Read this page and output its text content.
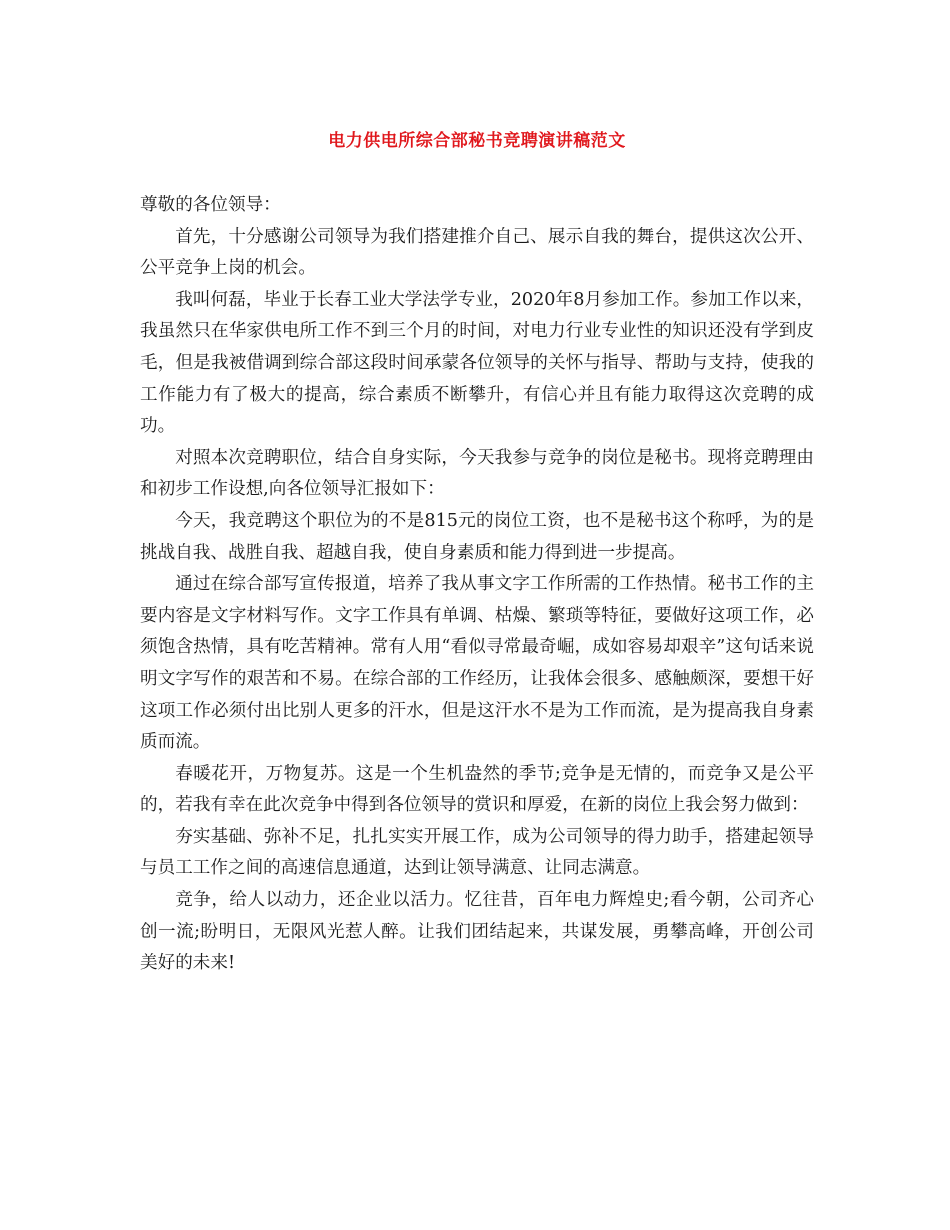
电力供电所综合部秘书竞聘演讲稿范文

尊敬的各位领导：

首先，十分感谢公司领导为我们搭建推介自己、展示自我的舞台，提供这次公开、公平竞争上岗的机会。

我叫何磊，毕业于长春工业大学法学专业，2020年8月参加工作。参加工作以来，我虽然只在华家供电所工作不到三个月的时间，对电力行业专业性的知识还没有学到皮毛，但是我被借调到综合部这段时间承蒙各位领导的关怀与指导、帮助与支持，使我的工作能力有了极大的提高，综合素质不断攀升，有信心并且有能力取得这次竞聘的成功。

对照本次竞聘职位，结合自身实际，今天我参与竞争的岗位是秘书。现将竞聘理由和初步工作设想,向各位领导汇报如下：

今天，我竞聘这个职位为的不是815元的岗位工资，也不是秘书这个称呼，为的是挑战自我、战胜自我、超越自我，使自身素质和能力得到进一步提高。

通过在综合部写宣传报道，培养了我从事文字工作所需的工作热情。秘书工作的主要内容是文字材料写作。文字工作具有单调、枯燥、繁琐等特征，要做好这项工作，必须饱含热情，具有吃苦精神。常有人用“看似寻常最奇崛，成如容易却艰辛”这句话来说明文字写作的艰苦和不易。在综合部的工作经历，让我体会很多、感触颇深，要想干好这项工作必须付出比别人更多的汗水，但是这汗水不是为工作而流，是为提高我自身素质而流。

春暖花开，万物复苏。这是一个生机盎然的季节;竞争是无情的，而竞争又是公平的，若我有幸在此次竞争中得到各位领导的赏识和厚爱，在新的岗位上我会努力做到：

夯实基础、弥补不足，扎扎实实开展工作，成为公司领导的得力助手，搭建起领导与员工工作之间的高速信息通道，达到让领导满意、让同志满意。

竞争，给人以动力，还企业以活力。忆往昔，百年电力辉煌史;看今朝，公司齐心创一流;盼明日，无限风光惹人醉。让我们团结起来，共谋发展，勇攀高峰，开创公司美好的未来!
